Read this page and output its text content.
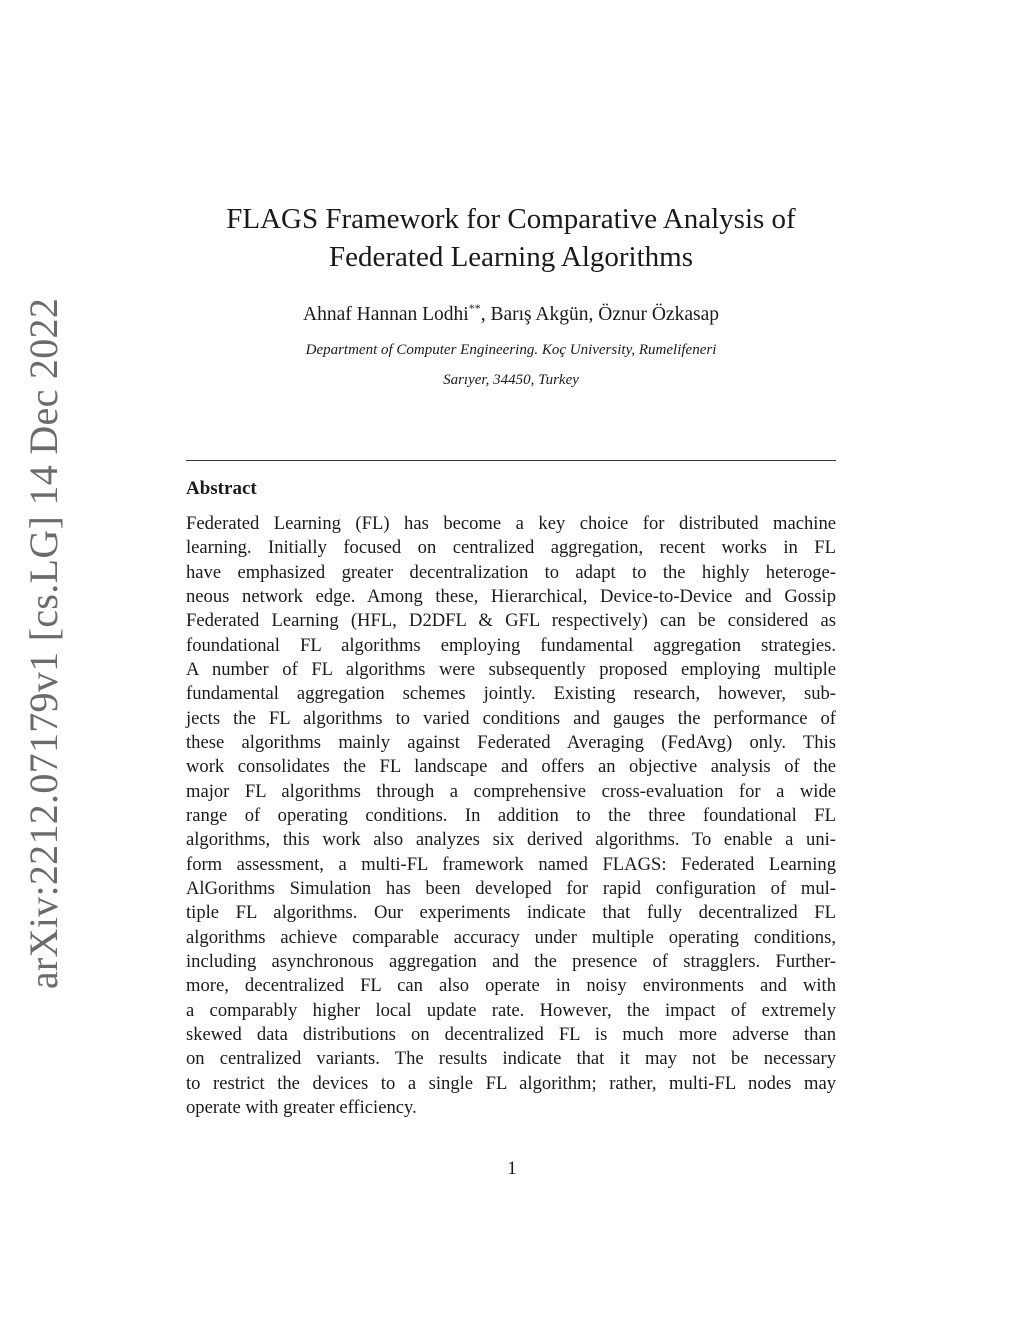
arXiv:2212.07179v1 [cs.LG] 14 Dec 2022
FLAGS Framework for Comparative Analysis of
Federated Learning Algorithms
Ahnaf Hannan Lodhi**, Barış Akgün, Öznur Özkasap
Department of Computer Engineering. Koç University, Rumelifeneri
Sarıyer, 34450, Turkey
Abstract
Federated Learning (FL) has become a key choice for distributed machine
learning. Initially focused on centralized aggregation, recent works in FL
have emphasized greater decentralization to adapt to the highly heteroge-
neous network edge. Among these, Hierarchical, Device-to-Device and Gossip
Federated Learning (HFL, D2DFL & GFL respectively) can be considered as
foundational FL algorithms employing fundamental aggregation strategies.
A number of FL algorithms were subsequently proposed employing multiple
fundamental aggregation schemes jointly. Existing research, however, sub-
jects the FL algorithms to varied conditions and gauges the performance of
these algorithms mainly against Federated Averaging (FedAvg) only. This
work consolidates the FL landscape and offers an objective analysis of the
major FL algorithms through a comprehensive cross-evaluation for a wide
range of operating conditions. In addition to the three foundational FL
algorithms, this work also analyzes six derived algorithms. To enable a uni-
form assessment, a multi-FL framework named FLAGS: Federated Learning
AlGorithms Simulation has been developed for rapid configuration of mul-
tiple FL algorithms. Our experiments indicate that fully decentralized FL
algorithms achieve comparable accuracy under multiple operating conditions,
including asynchronous aggregation and the presence of stragglers. Further-
more, decentralized FL can also operate in noisy environments and with
a comparably higher local update rate. However, the impact of extremely
skewed data distributions on decentralized FL is much more adverse than
on centralized variants. The results indicate that it may not be necessary
to restrict the devices to a single FL algorithm; rather, multi-FL nodes may
operate with greater efficiency.
1
